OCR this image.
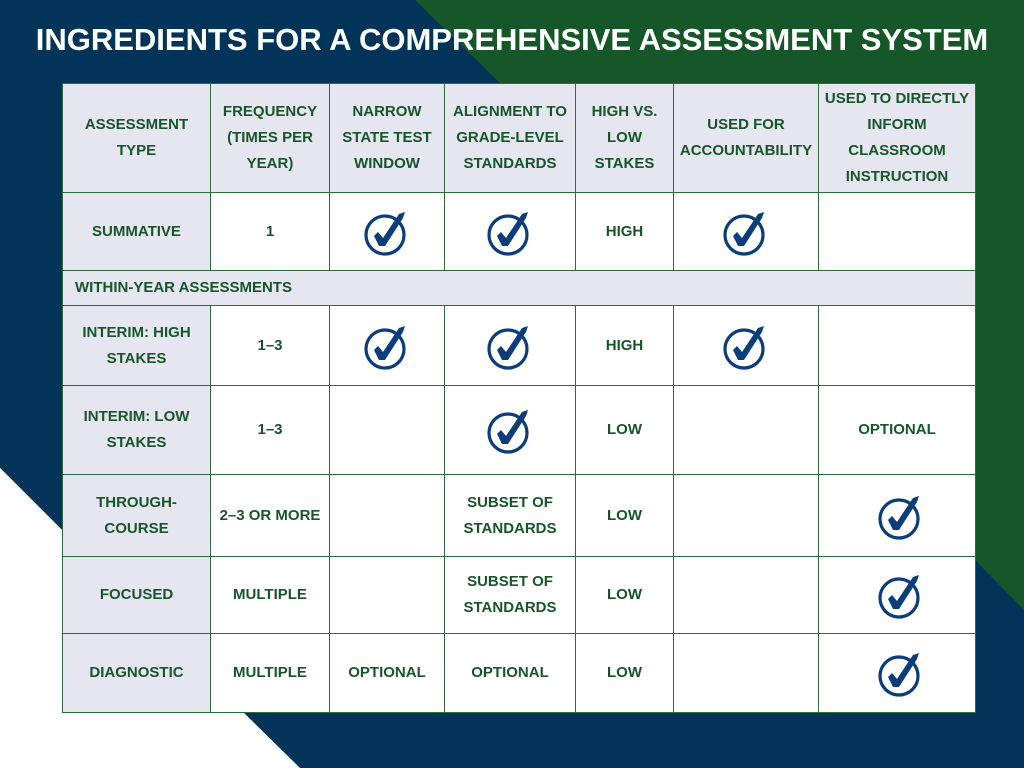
INGREDIENTS FOR A COMPREHENSIVE ASSESSMENT SYSTEM
ASSESSMENT TYPE	FREQUENCY (TIMES PER YEAR)	NARROW STATE TEST WINDOW	ALIGNMENT TO GRADE-LEVEL STANDARDS	HIGH VS. LOW STAKES	USED FOR ACCOUNTABILITY	USED TO DIRECTLY INFORM CLASSROOM INSTRUCTION
SUMMATIVE	1			HIGH	

WITHIN-YEAR ASSESSMENTS						
INTERIM: HIGH STAKES	1–3			HIGH	

INTERIM: LOW STAKES	1–3			LOW		OPTIONAL
THROUGH-COURSE	2–3 OR MORE		SUBSET OF STANDARDS	LOW		

FOCUSED	MULTIPLE		SUBSET OF STANDARDS	LOW		

DIAGNOSTIC	MULTIPLE	OPTIONAL	OPTIONAL	LOW		
